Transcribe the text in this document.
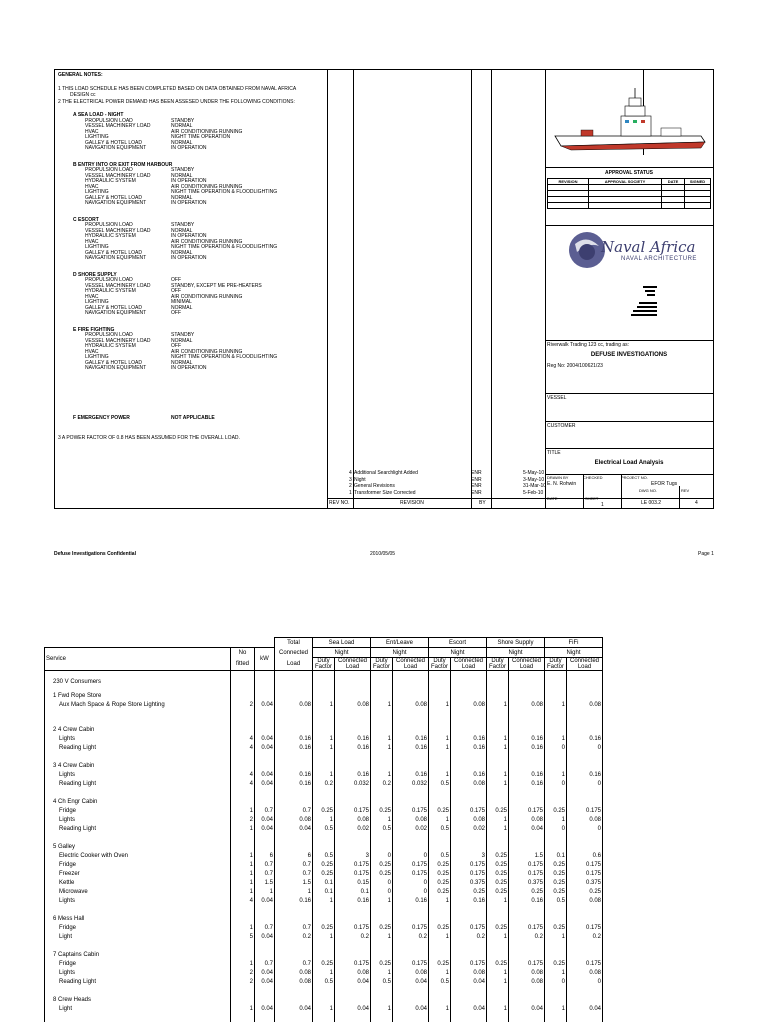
GENERAL NOTES:
1 THIS LOAD SCHEDULE HAS BEEN COMPLETED BASED ON DATA OBTAINED FROM NAVAL AFRICA
DESIGN cc
2 THE ELECTRICAL POWER DEMAND HAS BEEN ASSESED UNDER THE FOLLOWING CONDITIONS:
A SEA LOAD - NIGHT
PROPULSION LOAD	STANDBY
VESSEL MACHINERY LOAD	NORMAL
HVAC	AIR CONDITIONING RUNNING
LIGHTING	NIGHT TIME OPERATION
GALLEY & HOTEL LOAD	NORMAL
NAVIGATION EQUIPMENT	IN OPERATION
B ENTRY INTO OR EXIT FROM HARBOUR
PROPULSION LOAD	STANDBY
VESSEL MACHINERY LOAD	NORMAL
HYDRAULIC SYSTEM	IN OPERATION
HVAC	AIR CONDITIONING RUNNING
LIGHTING	NIGHT TIME OPERATION & FLOODLIGHTING
GALLEY & HOTEL LOAD	NORMAL
NAVIGATION EQUIPMENT	IN OPERATION
C ESCORT
PROPULSION LOAD	STANDBY
VESSEL MACHINERY LOAD	NORMAL
HYDRAULIC SYSTEM	IN OPERATION
HVAC	AIR CONDITIONING RUNNING
LIGHTING	NIGHT TIME OPERATION & FLOODLIGHTING
GALLEY & HOTEL LOAD	NORMAL
NAVIGATION EQUIPMENT	IN OPERATION
D SHORE SUPPLY
PROPULSION LOAD	OFF
VESSEL MACHINERY LOAD	STANDBY, EXCEPT ME PRE-HEATERS
HYDRAULIC SYSTEM	OFF
HVAC	AIR CONDITIONING RUNNING
LIGHTING	MINIMAL
GALLEY & HOTEL LOAD	NORMAL
NAVIGATION EQUIPMENT	OFF
E FIRE FIGHTING
PROPULSION LOAD	STANDBY
VESSEL MACHINERY LOAD	NORMAL
HYDRAULIC SYSTEM	OFF
HVAC	AIR CONDITIONING RUNNING
LIGHTING	NIGHT TIME OPERATION & FLOODLIGHTING
GALLEY & HOTEL LOAD	NORMAL
NAVIGATION EQUIPMENT	IN OPERATION
F EMERGENCY POWER	NOT APPLICABLE
3 A POWER FACTOR OF 0.8 HAS BEEN ASSUMED FOR THE OVERALL LOAD.
APPROVAL STATUS
REVISION	APPROVAL SOCIETY	DATE	SIGNED

Naval Africa
NAVAL ARCHITECTURE
Riverwalk Trading 123 cc, trading as:
DEFUSE INVESTIGATIONS
Reg No: 2004/100621/23
VESSEL
CUSTOMER
TITLE
Electrical Load Analysis
4 Additional Searchlight Added	ENR	5-May-10
3 Night	ENR	3-May-10
2 General Revisions	ENR	31-Mar-10
1 Transformer Size Corrected	ENR	5-Feb-10
REV NO.	REVISION	BY
DRAWN BY	CHECKED	PROJECT NO.
E. N. Rohwin	EFOR Tugs
DWG NO.	REV
DATE	SHEET
1	LE 003.2	4
Defuse Investigations Confidential	2010/05/05	Page 1
			Total	Sea Load		Ent/Leave		Escort		Shore Supply		FiFi	
Service	No	kW	Connected	Night		Night		Night		Night		Night	
	fitted		Load	Duty
Factor	Connected
Load	Duty
Factor	Connected
Load	Duty
Factor	Connected
Load	Duty
Factor	Connected
Load	Duty
Factor	Connected
Load

230 V Consumers													

1 Fwd Rope Store													
Aux Mach Space & Rope Store Lighting	2	0.04	0.08	1	0.08	1	0.08	1	0.08	1	0.08	1	0.08

2 4 Crew Cabin													
Lights	4	0.04	0.16	1	0.16	1	0.16	1	0.16	1	0.16	1	0.16
Reading Light	4	0.04	0.16	1	0.16	1	0.16	1	0.16	1	0.16	0	0

3 4 Crew Cabin													
Lights	4	0.04	0.16	1	0.16	1	0.16	1	0.16	1	0.16	1	0.16
Reading Light	4	0.04	0.16	0.2	0.032	0.2	0.032	0.5	0.08	1	0.16	0	0

4 Ch Engr Cabin													
Fridge	1	0.7	0.7	0.25	0.175	0.25	0.175	0.25	0.175	0.25	0.175	0.25	0.175
Lights	2	0.04	0.08	1	0.08	1	0.08	1	0.08	1	0.08	1	0.08
Reading Light	1	0.04	0.04	0.5	0.02	0.5	0.02	0.5	0.02	1	0.04	0	0

5 Galley													
Electric Cooker with Oven	1	6	6	0.5	3	0	0	0.5	3	0.25	1.5	0.1	0.6
Fridge	1	0.7	0.7	0.25	0.175	0.25	0.175	0.25	0.175	0.25	0.175	0.25	0.175
Freezer	1	0.7	0.7	0.25	0.175	0.25	0.175	0.25	0.175	0.25	0.175	0.25	0.175
Kettle	1	1.5	1.5	0.1	0.15	0	0	0.25	0.375	0.25	0.375	0.25	0.375
Microwave	1	1	1	0.1	0.1	0	0	0.25	0.25	0.25	0.25	0.25	0.25
Lights	4	0.04	0.16	1	0.16	1	0.16	1	0.16	1	0.16	0.5	0.08

6 Mess Hall													
Fridge	1	0.7	0.7	0.25	0.175	0.25	0.175	0.25	0.175	0.25	0.175	0.25	0.175
Light	5	0.04	0.2	1	0.2	1	0.2	1	0.2	1	0.2	1	0.2

7 Captains Cabin													
Fridge	1	0.7	0.7	0.25	0.175	0.25	0.175	0.25	0.175	0.25	0.175	0.25	0.175
Lights	2	0.04	0.08	1	0.08	1	0.08	1	0.08	1	0.08	1	0.08
Reading Light	2	0.04	0.08	0.5	0.04	0.5	0.04	0.5	0.04	1	0.08	0	0

8 Crew Heads													
Light	1	0.04	0.04	1	0.04	1	0.04	1	0.04	1	0.04	1	0.04
